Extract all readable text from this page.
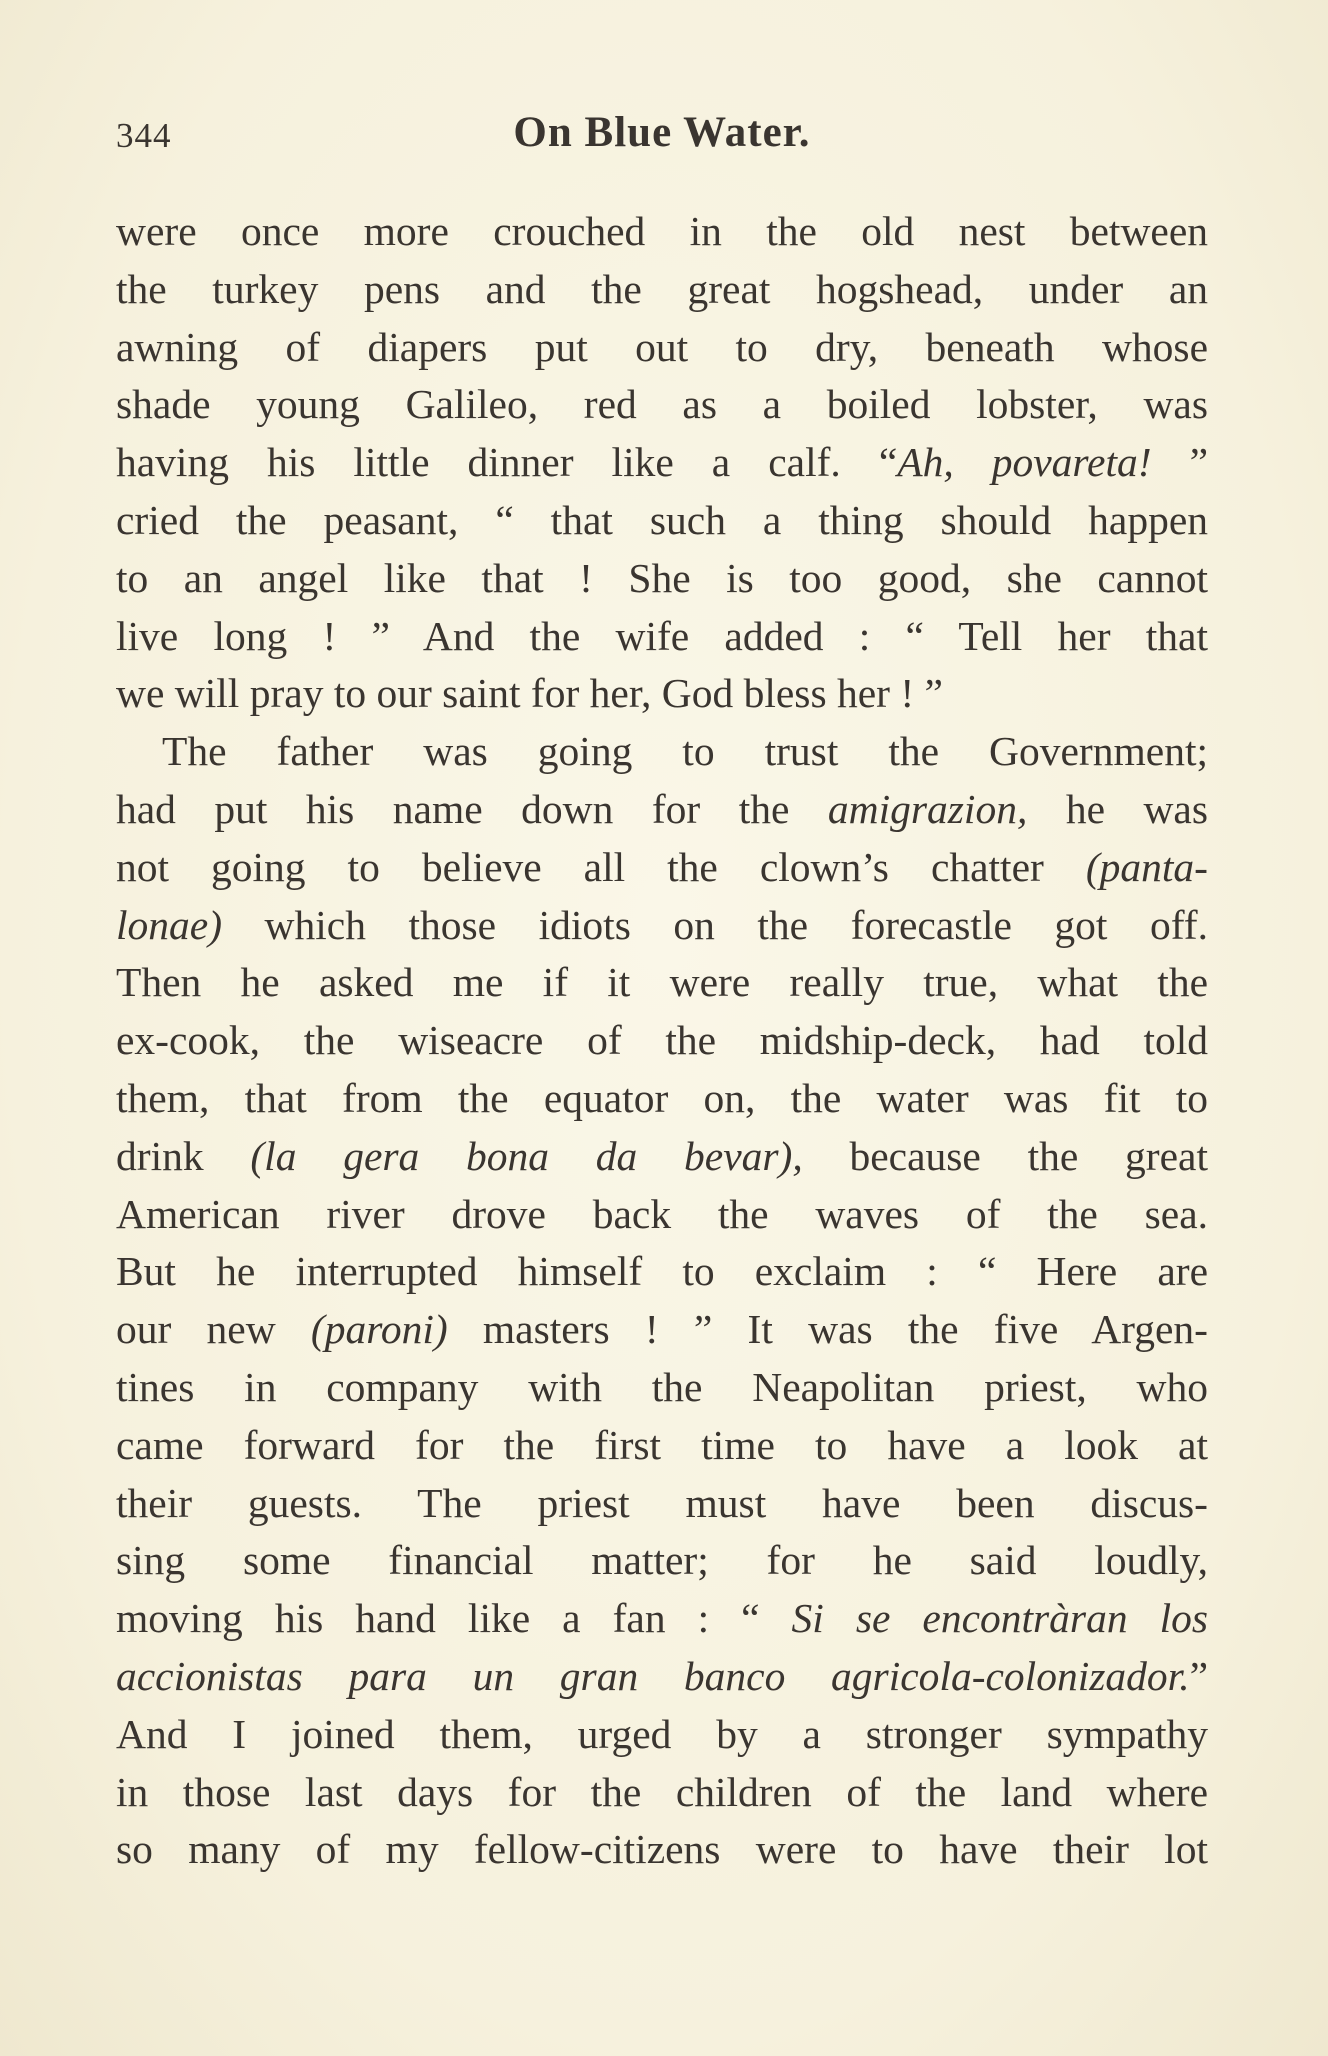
344	On Blue Water.
were once more crouched in the old nest between
the turkey pens and the great hogshead, under an
awning of diapers put out to dry, beneath whose
shade young Galileo, red as a boiled lobster, was
having his little dinner like a calf. “Ah, povareta! ”
cried the peasant, “ that such a thing should happen
to an angel like that ! She is too good, she cannot
live long ! ” And the wife added : “ Tell her that
we will pray to our saint for her, God bless her ! ”
The father was going to trust the Government;
had put his name down for the amigrazion, he was
not going to believe all the clown’s chatter (panta-
lonae) which those idiots on the forecastle got off.
Then he asked me if it were really true, what the
ex-cook, the wiseacre of the midship-deck, had told
them, that from the equator on, the water was fit to
drink (la gera bona da bevar), because the great
American river drove back the waves of the sea.
But he interrupted himself to exclaim : “ Here are
our new (paroni) masters ! ” It was the five Argen-
tines in company with the Neapolitan priest, who
came forward for the first time to have a look at
their guests. The priest must have been discus-
sing some financial matter; for he said loudly,
moving his hand like a fan : “ Si se encontràran los
accionistas para un gran banco agricola-colonizador.”
And I joined them, urged by a stronger sympathy
in those last days for the children of the land where
so many of my fellow-citizens were to have their lot
